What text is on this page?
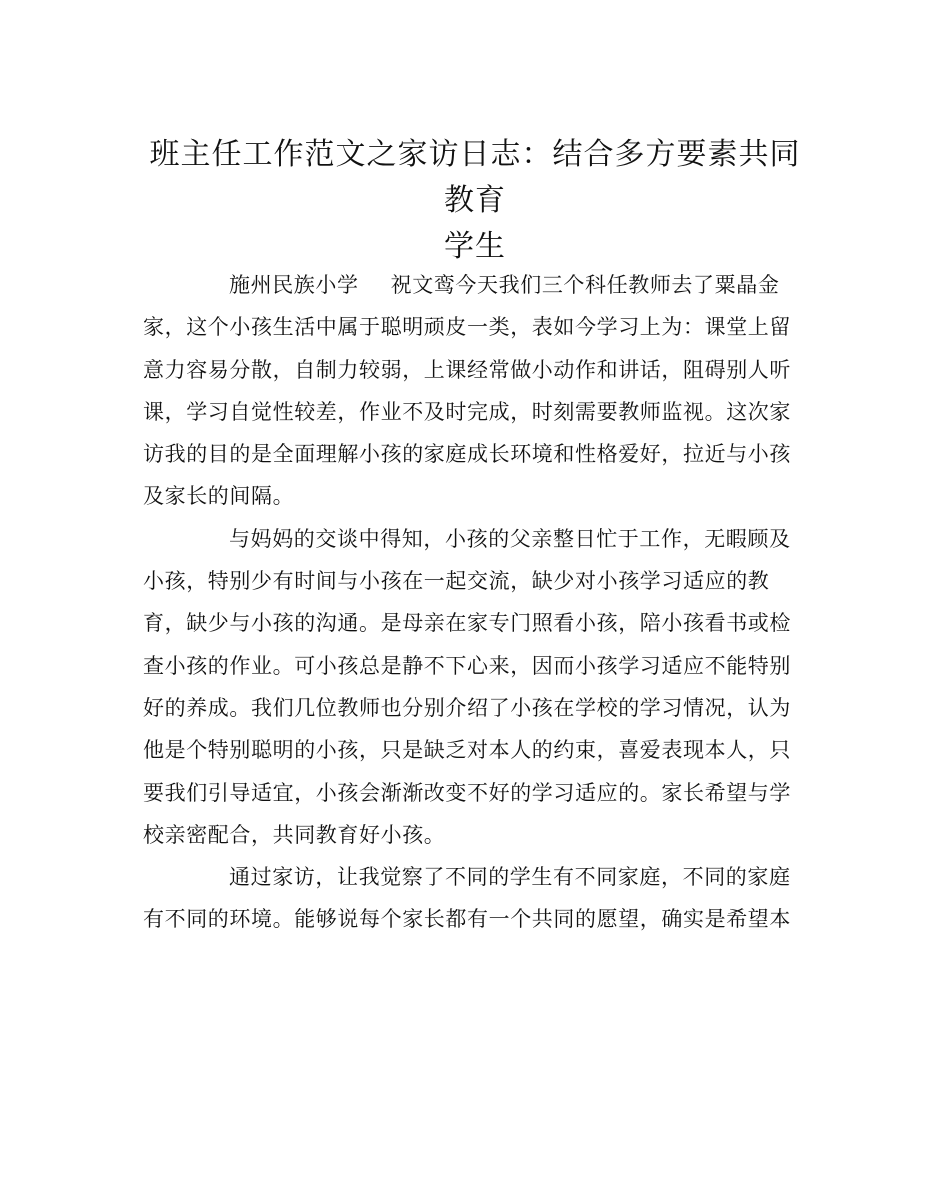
班主任工作范文之家访日志：结合多方要素共同教育
学生
施州民族小学 祝文鸾今天我们三个科任教师去了粟晶金
家，这个小孩生活中属于聪明顽皮一类，表如今学习上为：课堂上留
意力容易分散，自制力较弱，上课经常做小动作和讲话，阻碍别人听
课，学习自觉性较差，作业不及时完成，时刻需要教师监视。这次家
访我的目的是全面理解小孩的家庭成长环境和性格爱好，拉近与小孩
及家长的间隔。
与妈妈的交谈中得知，小孩的父亲整日忙于工作，无暇顾及
小孩，特别少有时间与小孩在一起交流，缺少对小孩学习适应的教
育，缺少与小孩的沟通。是母亲在家专门照看小孩，陪小孩看书或检
查小孩的作业。可小孩总是静不下心来，因而小孩学习适应不能特别
好的养成。我们几位教师也分别介绍了小孩在学校的学习情况，认为
他是个特别聪明的小孩，只是缺乏对本人的约束，喜爱表现本人，只
要我们引导适宜，小孩会渐渐改变不好的学习适应的。家长希望与学
校亲密配合，共同教育好小孩。
通过家访，让我觉察了不同的学生有不同家庭，不同的家庭
有不同的环境。能够说每个家长都有一个共同的愿望，确实是希望本
